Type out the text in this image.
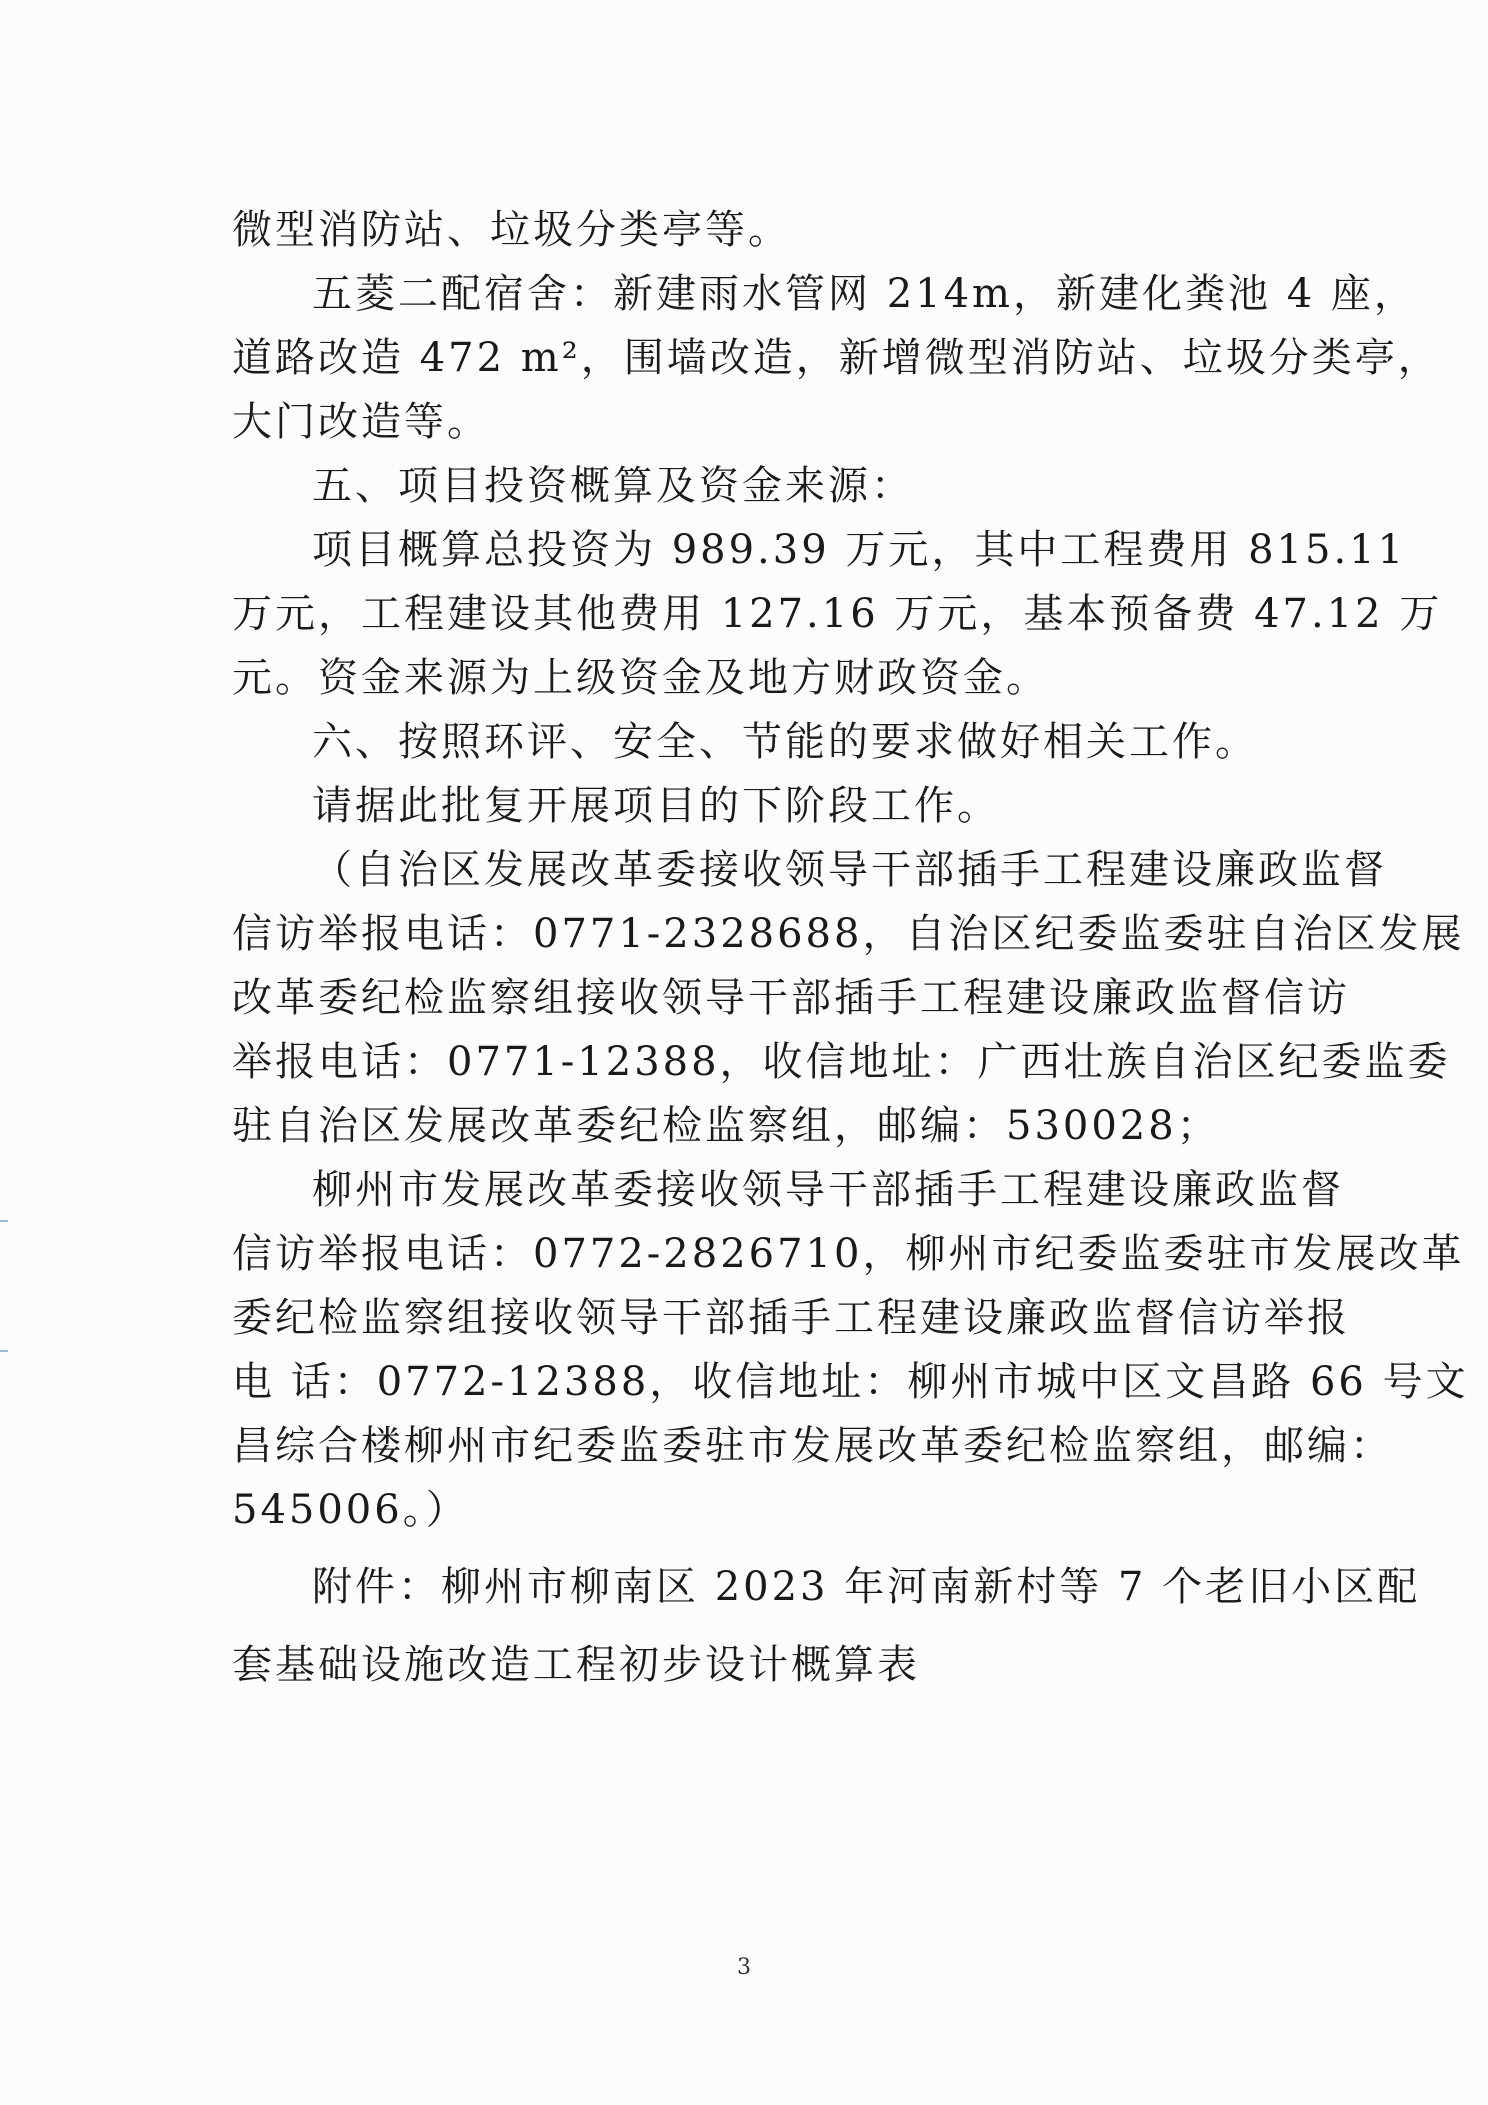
微型消防站、垃圾分类亭等。
五菱二配宿舍：新建雨水管网 214m，新建化粪池 4 座，
道路改造 472 m²，围墙改造，新增微型消防站、垃圾分类亭，
大门改造等。
五、项目投资概算及资金来源：
项目概算总投资为 989.39 万元，其中工程费用 815.11
万元，工程建设其他费用 127.16 万元，基本预备费 47.12 万
元。资金来源为上级资金及地方财政资金。
六、按照环评、安全、节能的要求做好相关工作。
请据此批复开展项目的下阶段工作。
（自治区发展改革委接收领导干部插手工程建设廉政监督
信访举报电话：0771-2328688，自治区纪委监委驻自治区发展
改革委纪检监察组接收领导干部插手工程建设廉政监督信访
举报电话：0771-12388，收信地址：广西壮族自治区纪委监委
驻自治区发展改革委纪检监察组，邮编：530028；
柳州市发展改革委接收领导干部插手工程建设廉政监督
信访举报电话：0772-2826710，柳州市纪委监委驻市发展改革
委纪检监察组接收领导干部插手工程建设廉政监督信访举报
电 话：0772-12388，收信地址：柳州市城中区文昌路 66 号文
昌综合楼柳州市纪委监委驻市发展改革委纪检监察组，邮编：
545006。）
附件：柳州市柳南区 2023 年河南新村等 7 个老旧小区配
套基础设施改造工程初步设计概算表
3
